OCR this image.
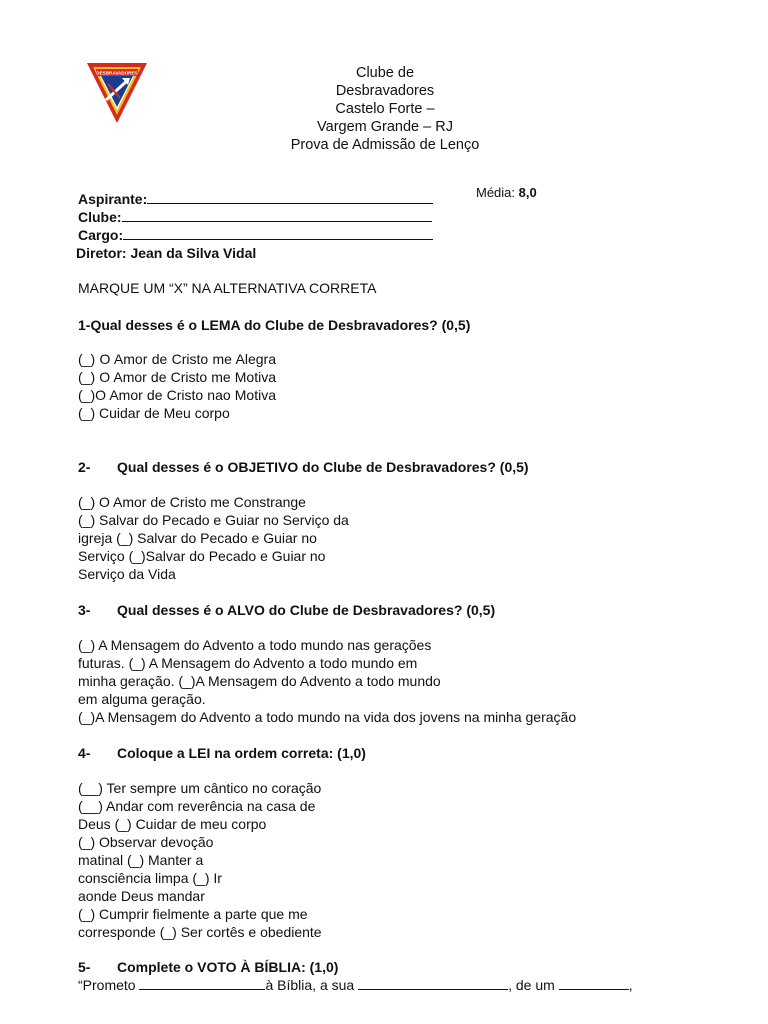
DESBRAVADORES	Clube de
Desbravadores
Castelo Forte –
Vargem Grande – RJ
Prova de Admissão de Lenço
Média: 8,0
Aspirante:
Clube:
Cargo:
Diretor: Jean da Silva Vidal
MARQUE UM “X” NA ALTERNATIVA CORRETA
1-Qual desses é o LEMA do Clube de Desbravadores? (0,5)
(_) O Amor de Cristo me Alegra (_) O Amor de Cristo me Motiva (_)O Amor de Cristo nao Motiva (_) Cuidar de Meu corpo
2- Qual desses é o OBJETIVO do Clube de Desbravadores? (0,5)
(_) O Amor de Cristo me Constrange
(_) Salvar do Pecado e Guiar no Serviço da
igreja (_) Salvar do Pecado e Guiar no
Serviço (_)Salvar do Pecado e Guiar no
Serviço da Vida
3- Qual desses é o ALVO do Clube de Desbravadores? (0,5)
(_) A Mensagem do Advento a todo mundo nas gerações
futuras. (_) A Mensagem do Advento a todo mundo em
minha geração. (_)A Mensagem do Advento a todo mundo
em alguma geração.
(_)A Mensagem do Advento a todo mundo na vida dos jovens na minha geração
4- Coloque a LEI na ordem correta: (1,0)
(__) Ter sempre um cântico no coração
(__) Andar com reverência na casa de
Deus (_) Cuidar de meu corpo
(_) Observar devoção
matinal (_) Manter a
consciência limpa (_) Ir
aonde Deus mandar
(_) Cumprir fielmente a parte que me
corresponde (_) Ser cortês e obediente
5- Complete o VOTO À BÍBLIA: (1,0)
“Prometo	à Bíblia, a sua	, de um	,
